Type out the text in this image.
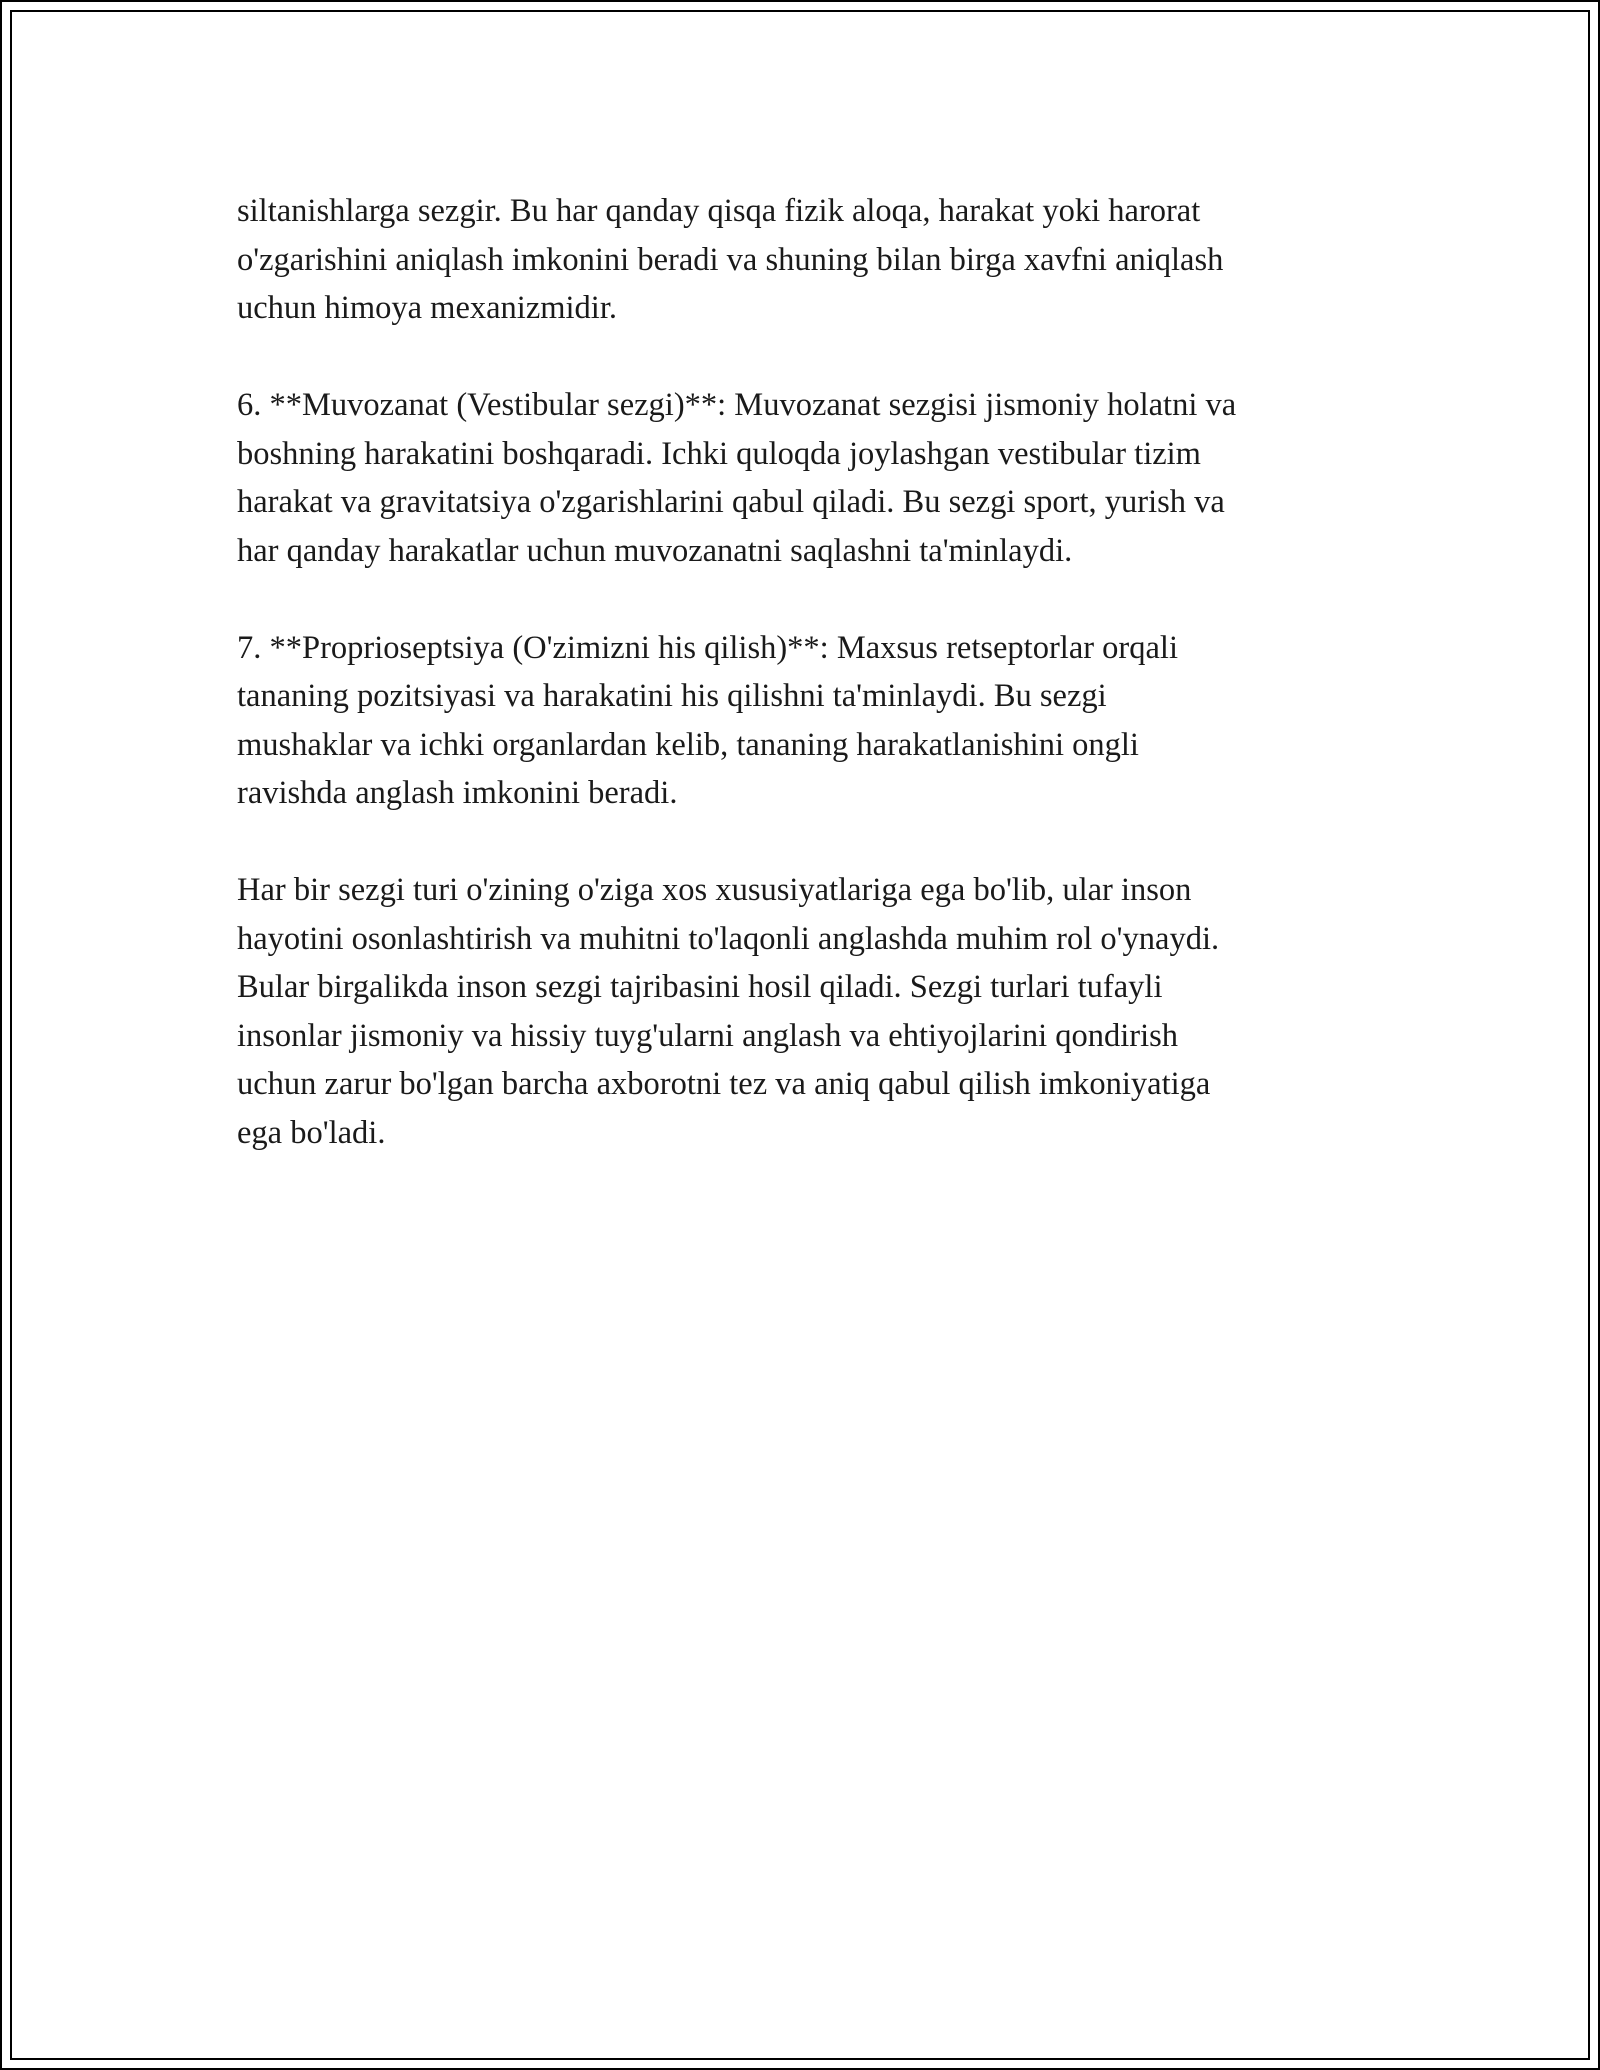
siltanishlarga sezgir. Bu har qanday qisqa fizik aloqa, harakat yoki harorat
o'zgarishini aniqlash imkonini beradi va shuning bilan birga xavfni aniqlash
uchun himoya mexanizmidir.

6. **Muvozanat (Vestibular sezgi)**: Muvozanat sezgisi jismoniy holatni va
boshning harakatini boshqaradi. Ichki quloqda joylashgan vestibular tizim
harakat va gravitatsiya o'zgarishlarini qabul qiladi. Bu sezgi sport, yurish va
har qanday harakatlar uchun muvozanatni saqlashni ta'minlaydi.

7. **Proprioseptsiya (O'zimizni his qilish)**: Maxsus retseptorlar orqali
tananing pozitsiyasi va harakatini his qilishni ta'minlaydi. Bu sezgi
mushaklar va ichki organlardan kelib, tananing harakatlanishini ongli
ravishda anglash imkonini beradi.

Har bir sezgi turi o'zining o'ziga xos xususiyatlariga ega bo'lib, ular inson
hayotini osonlashtirish va muhitni to'laqonli anglashda muhim rol o'ynaydi.
Bular birgalikda inson sezgi tajribasini hosil qiladi. Sezgi turlari tufayli
insonlar jismoniy va hissiy tuyg'ularni anglash va ehtiyojlarini qondirish
uchun zarur bo'lgan barcha axborotni tez va aniq qabul qilish imkoniyatiga
ega bo'ladi.
